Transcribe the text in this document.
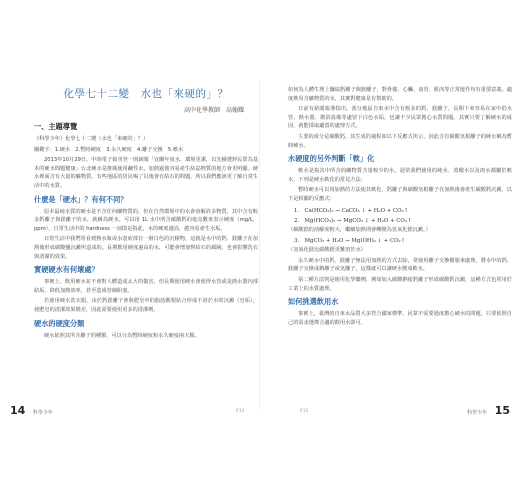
化學七十二變　水也「來硬的」？
高中化學教師　高翰耀
一、主題導覽

《科學少年》化學七十二變（水也「來硬的」？）

關鍵字：1.硬水　2.暫時硬度　3.永久硬度　4.離子交換　5.軟水

2013年10月29日，中時電子報刊登一則新聞「宜蘭年度水、環境更潔，以先檢選鋅民眾為基本的硬水問題健康」台北硬水是推廣使用鹼性水，加熱過後容易產生結晶物質的地方會更明顯。硬水裡面含有大量的礦物質，有些地區的居民喝了以後會有結石的問題，所以我們應該更了解日常生活中的水質。

什麼是「硬水」？有何不同？

原本最純水質的硬水是不含任何礦物質的，但在自然環境中的水會溶解許多物質，其中含有較多鈣離子與鎂離子的水，就稱為硬水。可以用 1L 水中所含碳酸鈣的毫克數來表示硬度（mg/L，ppm），日常生活中的 hardness 一詞即是指此，水的硬度越高，越容易產生水垢。

日常生活中我們常看到熱水瓶或水壺底部有一層白色的沉積物，這就是水中的鈣、鎂離子在加熱後形成碳酸鹽沉澱所造成的。長期飲用硬度過高的水，可能會增加腎結石的風險，也會影響洗衣與清潔的效果。

實硬硬水有何壞處？

事實上，飲用硬水並不會對人體造成太大的傷害，但長期使用硬水會使得水管或是熱水器內部結垢，降低加熱效率，甚至造成管線阻塞。

若使用硬水洗衣服，由於鈣鎂離子會與肥皂中的脂肪酸根結合形成不溶於水的沉澱（皂垢），使肥皂的清潔效果變差，因此需要使用更多的清潔劑。

硬水的硬度分類

硬水依照其所含離子的種類，可以分為暫時硬度和永久硬度兩大類。

如何為人體生理上攝取鈣離子與鎂離子，對骨骼、心臟、血管、肌肉等正常運作均有重要意義。適度飲用含礦物質的水，其實對健康是有幫助的。

日前有新聞報導指出，部分地區自來水中含有較多的鈣、鎂離子，長期下來容易在家中的水管、熱水器、衛浴設備等處留下白色水垢，也讓不少民眾擔心水質問題。其實只要了解硬水的成因，就能採取適當的處理方式。

主要的成分是碳酸鈣，其生成的過程如以下反應式所示，因此含有碳酸氫根離子的硬水稱為暫時硬水。

水硬度的另外判斷「軟」化

軟水是指其中所含的礦物質含量較少的水，通常我們使用的純水、蒸餾水以及雨水都屬於軟水，下列是硬水軟化的常見方法：

暫時硬水可以用加熱的方法使其軟化，鈣離子與碳酸氫根離子在加熱後會產生碳酸鈣沉澱，以下是相關的反應式：

1.　Ca(HCO₃)₂ → CaCO₃ ↓ + H₂O + CO₂↑
2.　Mg(HCO₃)₂ → MgCO₃ ↓ + H₂O + CO₂↑

（碳酸鎂的溶解度較大，繼續加熱則會轉變為氫氧化鎂沉澱。）

3.　MgCO₃ + H₂O → Mg(OH)₂ ↓ + CO₂↑

（氫氧化鎂比碳酸鎂更難溶於水）

永久硬水中的鈣、鎂離子無法用加熱的方式去除，常使用離子交換樹脂來處理，將水中的鈣、鎂離子交換成鈉離子或氫離子，這樣就可以讓硬水變成軟水。

第二種方法則是使用化學藥劑，例如加入碳酸鈉使鈣離子形成碳酸鈣沉澱，這種方式也常用於工業上的水質處理。

如何挑選飲用水

事實上，臺灣的自來水品質大多符合國家標準，民眾不需要過度擔心硬水的問題，只要依照自己的需求選擇合適的飲用水即可。

14 科學少年	P.14	P.15	科學少年 15
